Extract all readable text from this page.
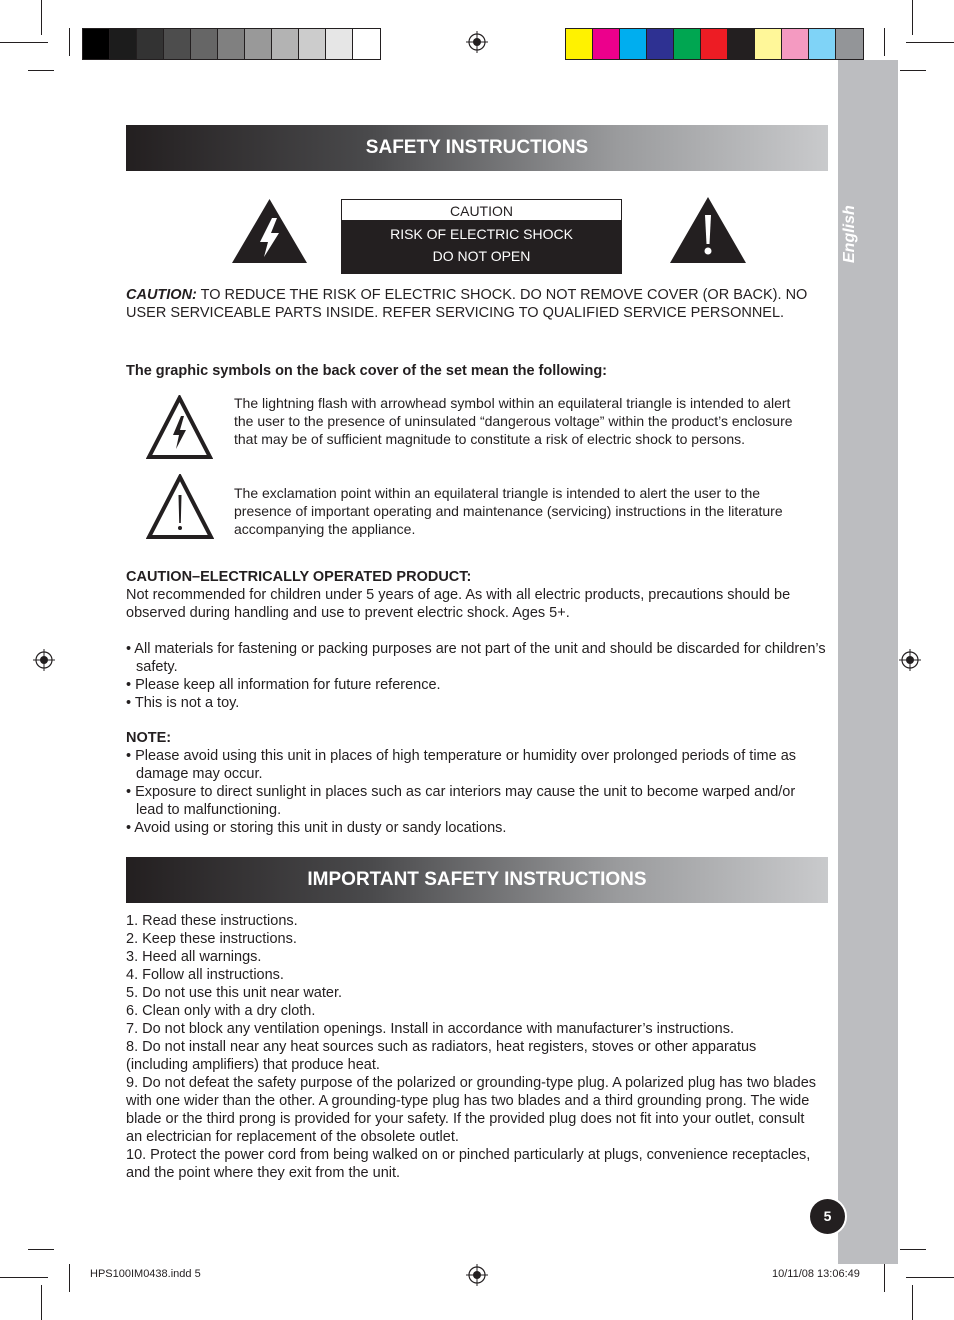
English
5
SAFETY INSTRUCTIONS
CAUTION
RISK OF ELECTRIC SHOCK
DO NOT OPEN
CAUTION: TO REDUCE THE RISK OF ELECTRIC SHOCK. DO NOT REMOVE COVER (OR BACK). NO USER SERVICEABLE PARTS INSIDE. REFER SERVICING TO QUALIFIED SERVICE PERSONNEL.
The graphic symbols on the back cover of the set mean the following:
The lightning flash with arrowhead symbol within an equilateral triangle is intended to alert the user to the presence of uninsulated “dangerous voltage” within the product’s enclosure that may be of sufficient magnitude to constitute a risk of electric shock to persons.
The exclamation point within an equilateral triangle is intended to alert the user to the presence of important operating and maintenance (servicing) instructions in the literature accompanying the appliance.
CAUTION–ELECTRICALLY OPERATED PRODUCT:
Not recommended for children under 5 years of age. As with all electric products, precautions should be observed during handling and use to prevent electric shock. Ages 5+.
• All materials for fastening or packing purposes are not part of the unit and should be discarded for children’s safety.
• Please keep all information for future reference.
• This is not a toy.
NOTE:
• Please avoid using this unit in places of high temperature or humidity over prolonged periods of time as damage may occur.
• Exposure to direct sunlight in places such as car interiors may cause the unit to become warped and/or lead to malfunctioning.
• Avoid using or storing this unit in dusty or sandy locations.
IMPORTANT SAFETY INSTRUCTIONS
1. Read these instructions.
2. Keep these instructions.
3. Heed all warnings.
4. Follow all instructions.
5. Do not use this unit near water.
6. Clean only with a dry cloth.
7. Do not block any ventilation openings. Install in accordance with manufacturer’s instructions.
8. Do not install near any heat sources such as radiators, heat registers, stoves or other apparatus (including amplifiers) that produce heat.
9. Do not defeat the safety purpose of the polarized or grounding-type plug. A polarized plug has two blades with one wider than the other. A grounding-type plug has two blades and a third grounding prong. The wide blade or the third prong is provided for your safety. If the provided plug does not fit into your outlet, consult an electrician for replacement of the obsolete outlet.
10. Protect the power cord from being walked on or pinched particularly at plugs, convenience receptacles, and the point where they exit from the unit.
HPS100IM0438.indd 5	10/11/08 13:06:49
